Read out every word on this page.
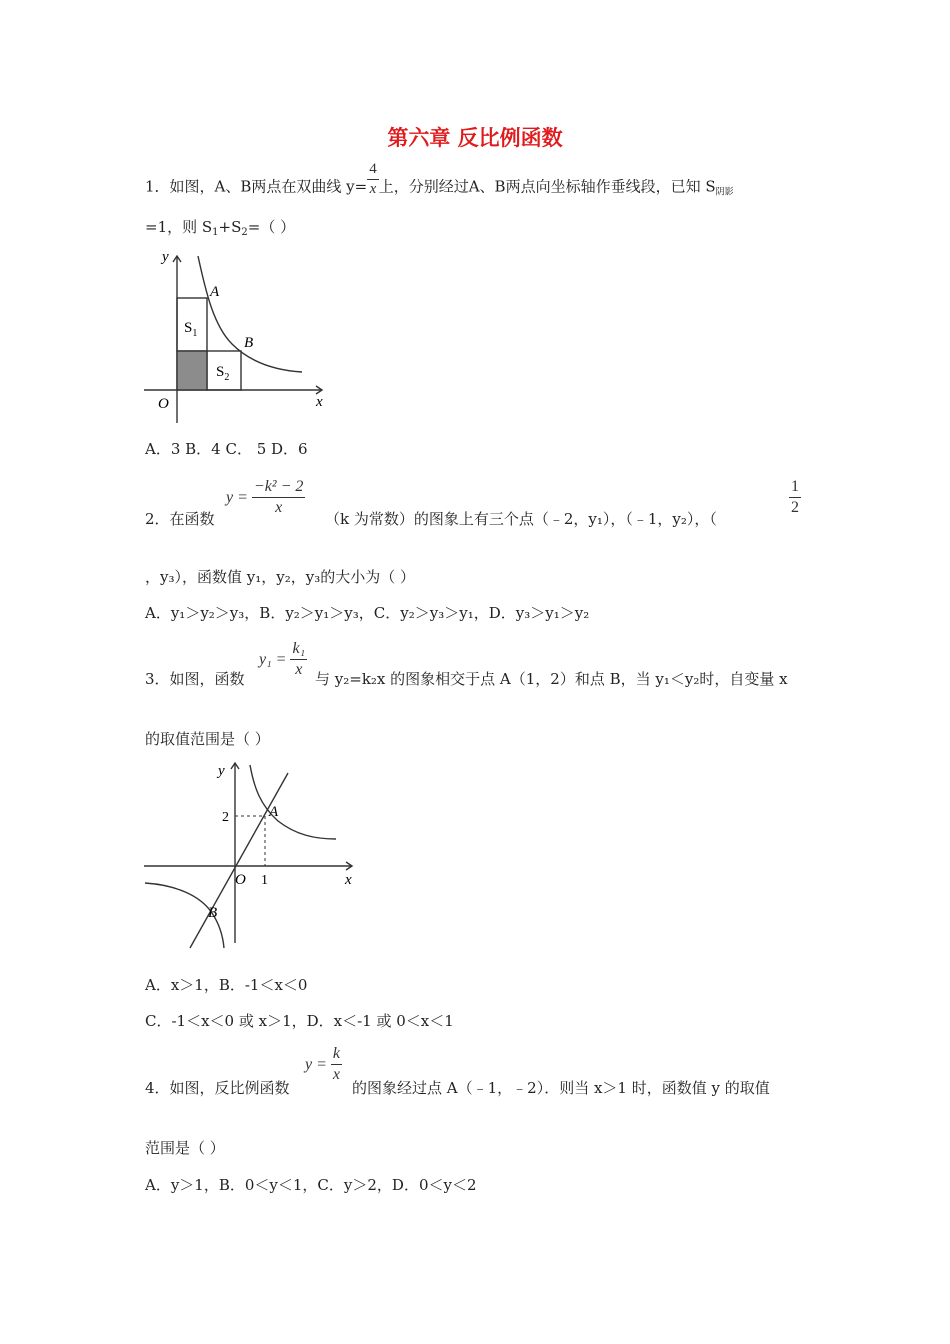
第六章 反比例函数
1．如图，A、B两点在双曲线 $y= \frac{4}{x}$ 上，分别经过A、B两点向坐标轴作垂线段，已知 $S_{阴影}$
=1，则 $S_1+S_2=$（ ）
y
x
O
A
B
$S_1$
$S_2$
A．3 B．4 C． 5 D．6
2．在函数
$y = \frac{\text{−k² − 2}}{x}$
（k 为常数）的图象上有三个点（﹣2，y₁），（﹣1，y₂），（
$\frac{1}{2}$
，y₃），函数值 y₁，y₂，y₃的大小为（ ）
A．y₁＞y₂＞y₃，B．y₂＞y₁＞y₃，C．y₂＞y₃＞y₁，D．y₃＞y₁＞y₂
3．如图，函数
$y_1 = \frac{\text{k₁}}{x}$
与 y₂=k₂x 的图象相交于点 A（1，2）和点 B，当 y₁＜y₂时，自变量 x
的取值范围是（ ）
y
x
O
A
B
2
1
A．x＞1，B．-1＜x＜0
C．-1＜x＜0 或 x＞1，D．x＜-1 或 0＜x＜1
4．如图，反比例函数
$y = \frac{k}{x}$
的图象经过点 A（﹣1，﹣2）．则当 x＞1 时，函数值 y 的取值
范围是（ ）
A．y＞1，B．0＜y＜1，C．y＞2，D．0＜y＜2
